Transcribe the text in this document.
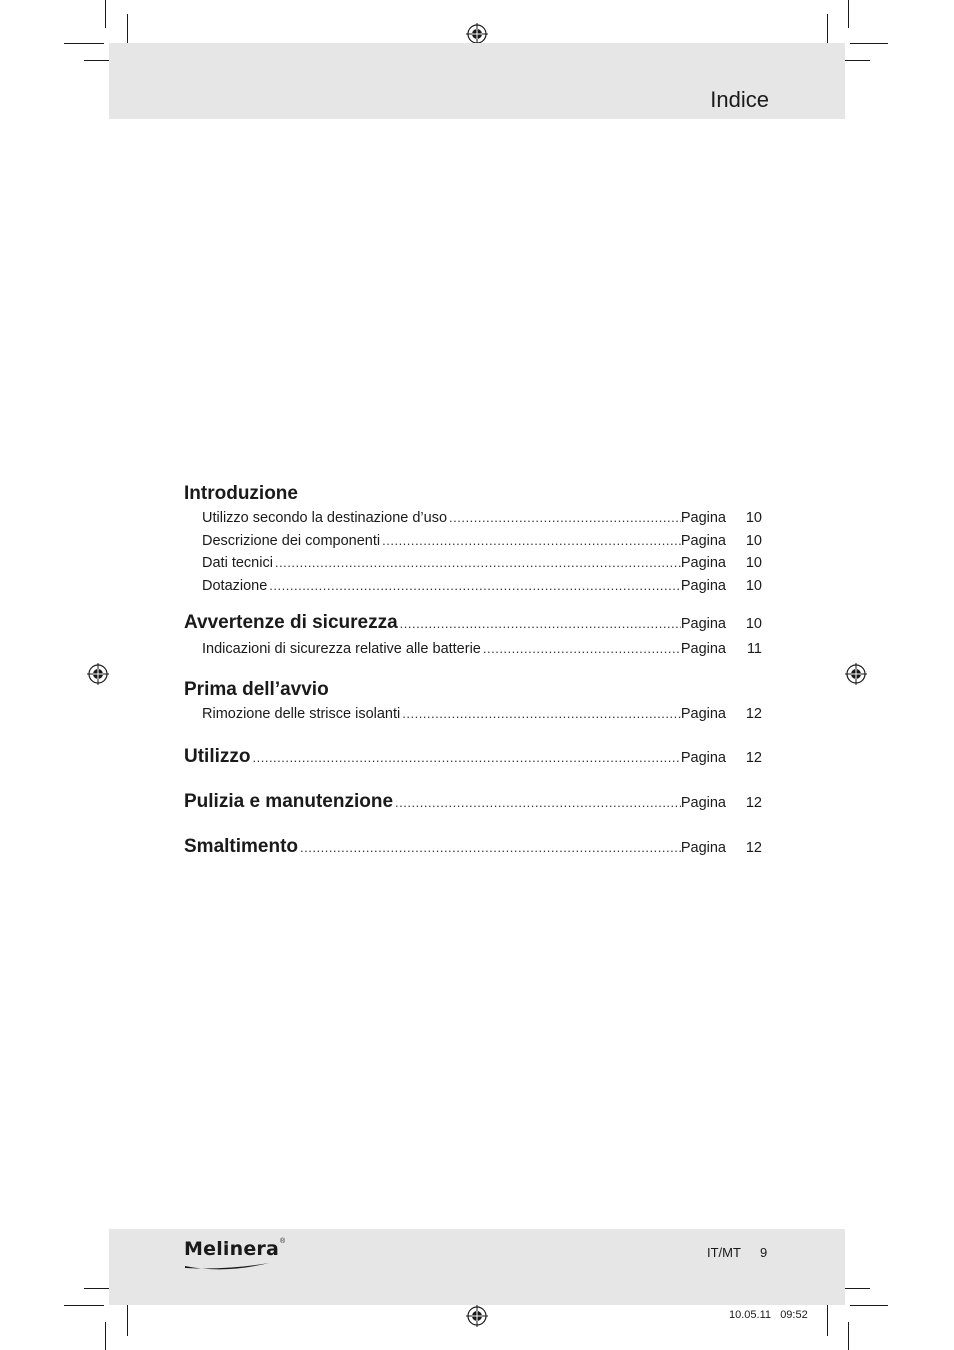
Indice
Introduzione
Utilizzo secondo la destinazione d’uso .....	Pagina	10
Descrizione dei componenti .....	Pagina	10
Dati tecnici .....	Pagina	10
Dotazione .....	Pagina	10
Avvertenze di sicurezza .....	Pagina	10
Indicazioni di sicurezza relative alle batterie .....	Pagina	11
Prima dell’avvio
Rimozione delle strisce isolanti .....	Pagina	12
Utilizzo .....	Pagina	12
Pulizia e manutenzione .....	Pagina	12
Smaltimento .....	Pagina	12
Melinera®
IT/MT 9
10.05.11 09:52
